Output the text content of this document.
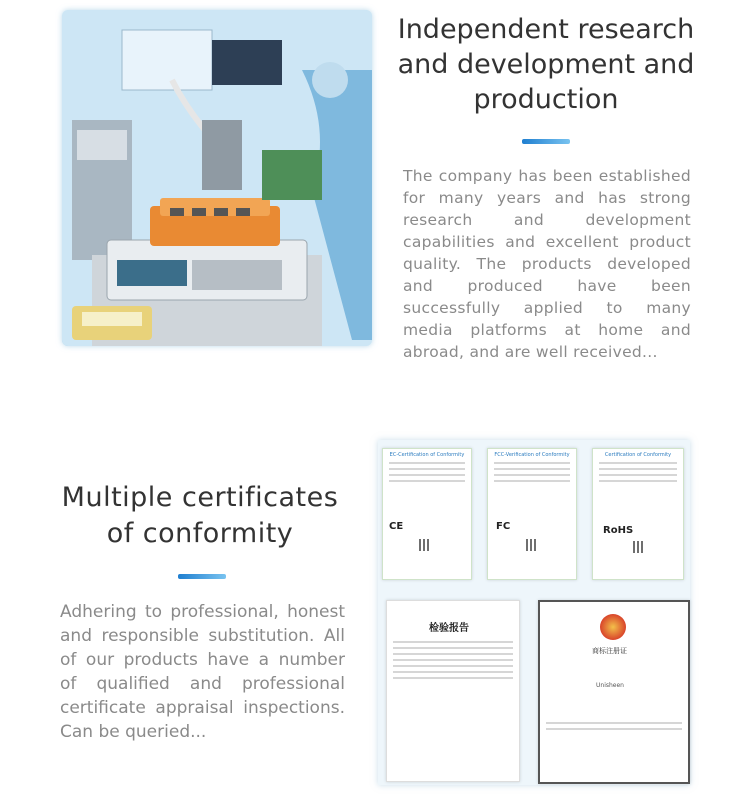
Independent research
and development and
production

The company has been established for many years and has strong research and development capabilities and excellent product quality. The products developed and produced have been successfully applied to many media platforms at home and abroad, and are well received...

Multiple certificates
of conformity

Adhering to professional, honest and responsible substitution. All of our products have a number of qualified and professional certificate appraisal inspections. Can be queried...

EC-Certification of Conformity
CE
FCC-Verification of Conformity
FC
Certification of Conformity
RoHS
检验报告
商标注册证
Unisheen
